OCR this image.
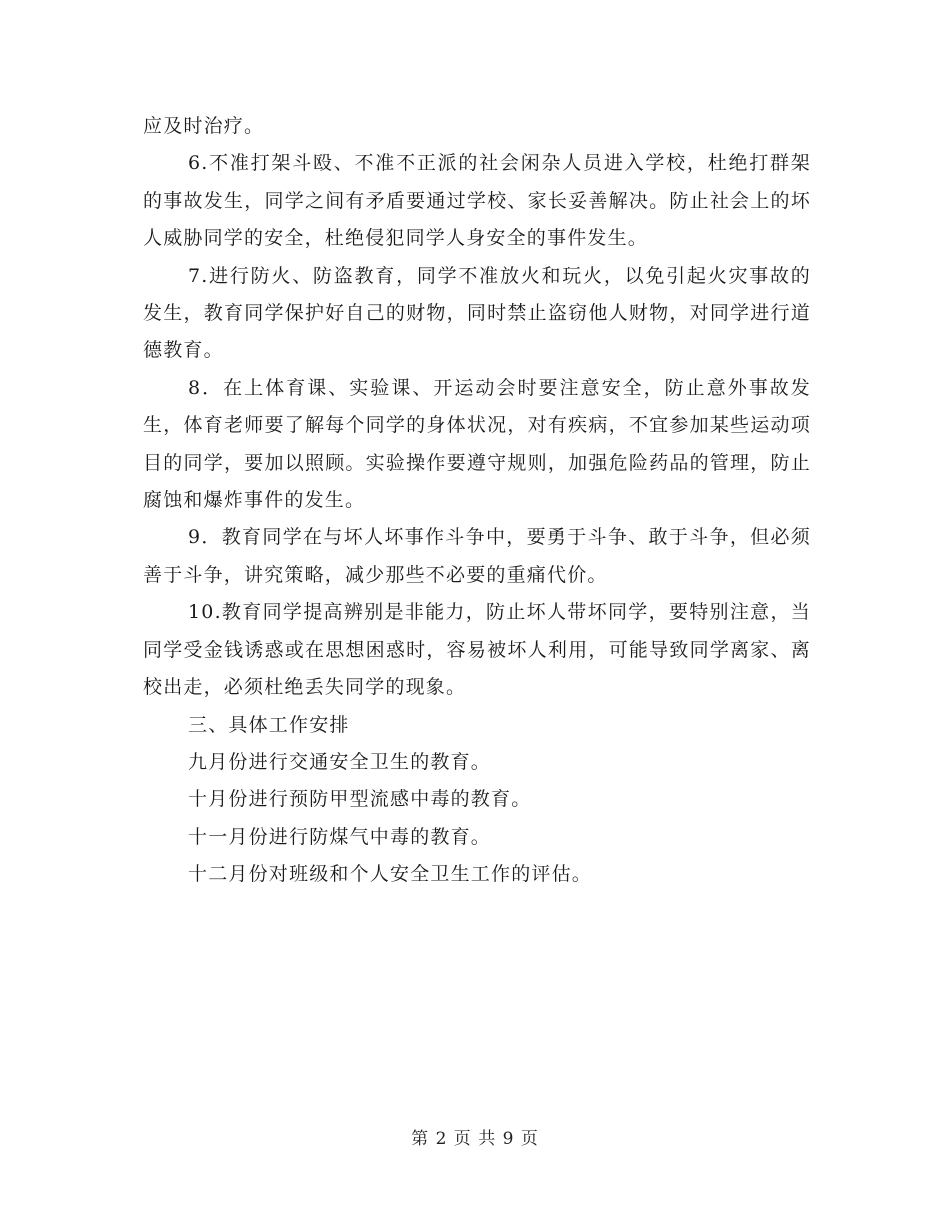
应及时治疗。

6.不准打架斗殴、不准不正派的社会闲杂人员进入学校，杜绝打群架的事故发生，同学之间有矛盾要通过学校、家长妥善解决。防止社会上的坏人威胁同学的安全，杜绝侵犯同学人身安全的事件发生。

7.进行防火、防盗教育，同学不准放火和玩火，以免引起火灾事故的发生，教育同学保护好自己的财物，同时禁止盗窃他人财物，对同学进行道德教育。

8．在上体育课、实验课、开运动会时要注意安全，防止意外事故发生，体育老师要了解每个同学的身体状况，对有疾病，不宜参加某些运动项目的同学，要加以照顾。实验操作要遵守规则，加强危险药品的管理，防止腐蚀和爆炸事件的发生。

9．教育同学在与坏人坏事作斗争中，要勇于斗争、敢于斗争，但必须善于斗争，讲究策略，减少那些不必要的重痛代价。

10.教育同学提高辨别是非能力，防止坏人带坏同学，要特别注意，当同学受金钱诱惑或在思想困惑时，容易被坏人利用，可能导致同学离家、离校出走，必须杜绝丢失同学的现象。

三、具体工作安排

九月份进行交通安全卫生的教育。

十月份进行预防甲型流感中毒的教育。

十一月份进行防煤气中毒的教育。

十二月份对班级和个人安全卫生工作的评估。

第 2 页 共 9 页
